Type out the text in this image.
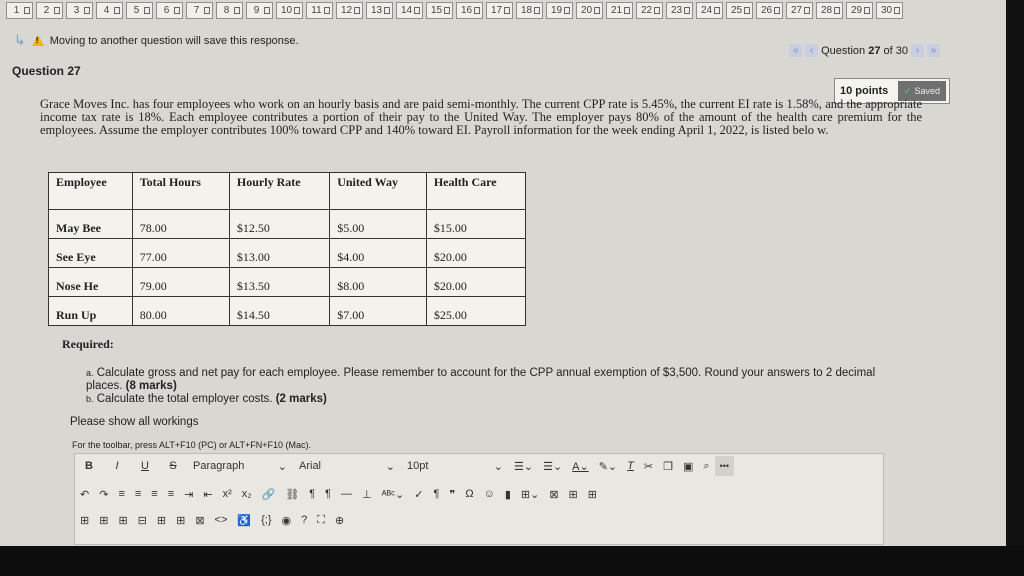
1 2 3 4 5 6 7 8 9 10 11 12 13 14 15 16 17 18 19 20 21 22 23 24 25 26 27 28 29 30
↳ ! Moving to another question will save this response.
«	‹ Question 27 of 30 ›	»
Question 27
10 points	✓ Saved
Grace Moves Inc. has four employees who work on an hourly basis and are paid semi-monthly. The current CPP rate is 5.45%, the current EI rate is 1.58%, and the appropriate income tax rate is 18%. Each employee contributes a portion of their pay to the United Way. The employer pays 80% of the amount of the health care premium for the employees. Assume the employer contributes 100% toward CPP and 140% toward EI. Payroll information for the week ending April 1, 2022, is listed belo w.
Employee	Total Hours	Hourly Rate	United Way	Health Care
May Bee	78.00	$12.50	$5.00	$15.00
See Eye	77.00	$13.00	$4.00	$20.00
Nose He	79.00	$13.50	$8.00	$20.00
Run Up	80.00	$14.50	$7.00	$25.00
Required:
a. Calculate gross and net pay for each employee. Please remember to account for the CPP annual exemption of $3,500. Round your answers to 2 decimal places. (8 marks)
b. Calculate the total employer costs. (2 marks)
Please show all workings
For the toolbar, press ALT+F10 (PC) or ALT+FN+F10 (Mac).
B	I	U	S	Paragraph	⌄ Arial	⌄ 10pt	⌄	☰⌄ ☰⌄ A⌄ ✎⌄ T ✂ ❐ ▣ ⌕	•••
↶ ↷ ≡ ≡ ≡ ≡ ⇥ ⇤ x² x₂ 🔗 ⛓ ¶ ¶ — ⊥ ᴬᴮᶜ⌄ ✓ ¶ ❞ Ω ☺ ▮ ⊞⌄ ⊠ ⊞ ⊞
⊞ ⊞ ⊞ ⊟ ⊞ ⊞ ⊠ <> ♿ {;} ◉ ? ⛶ ⊕
